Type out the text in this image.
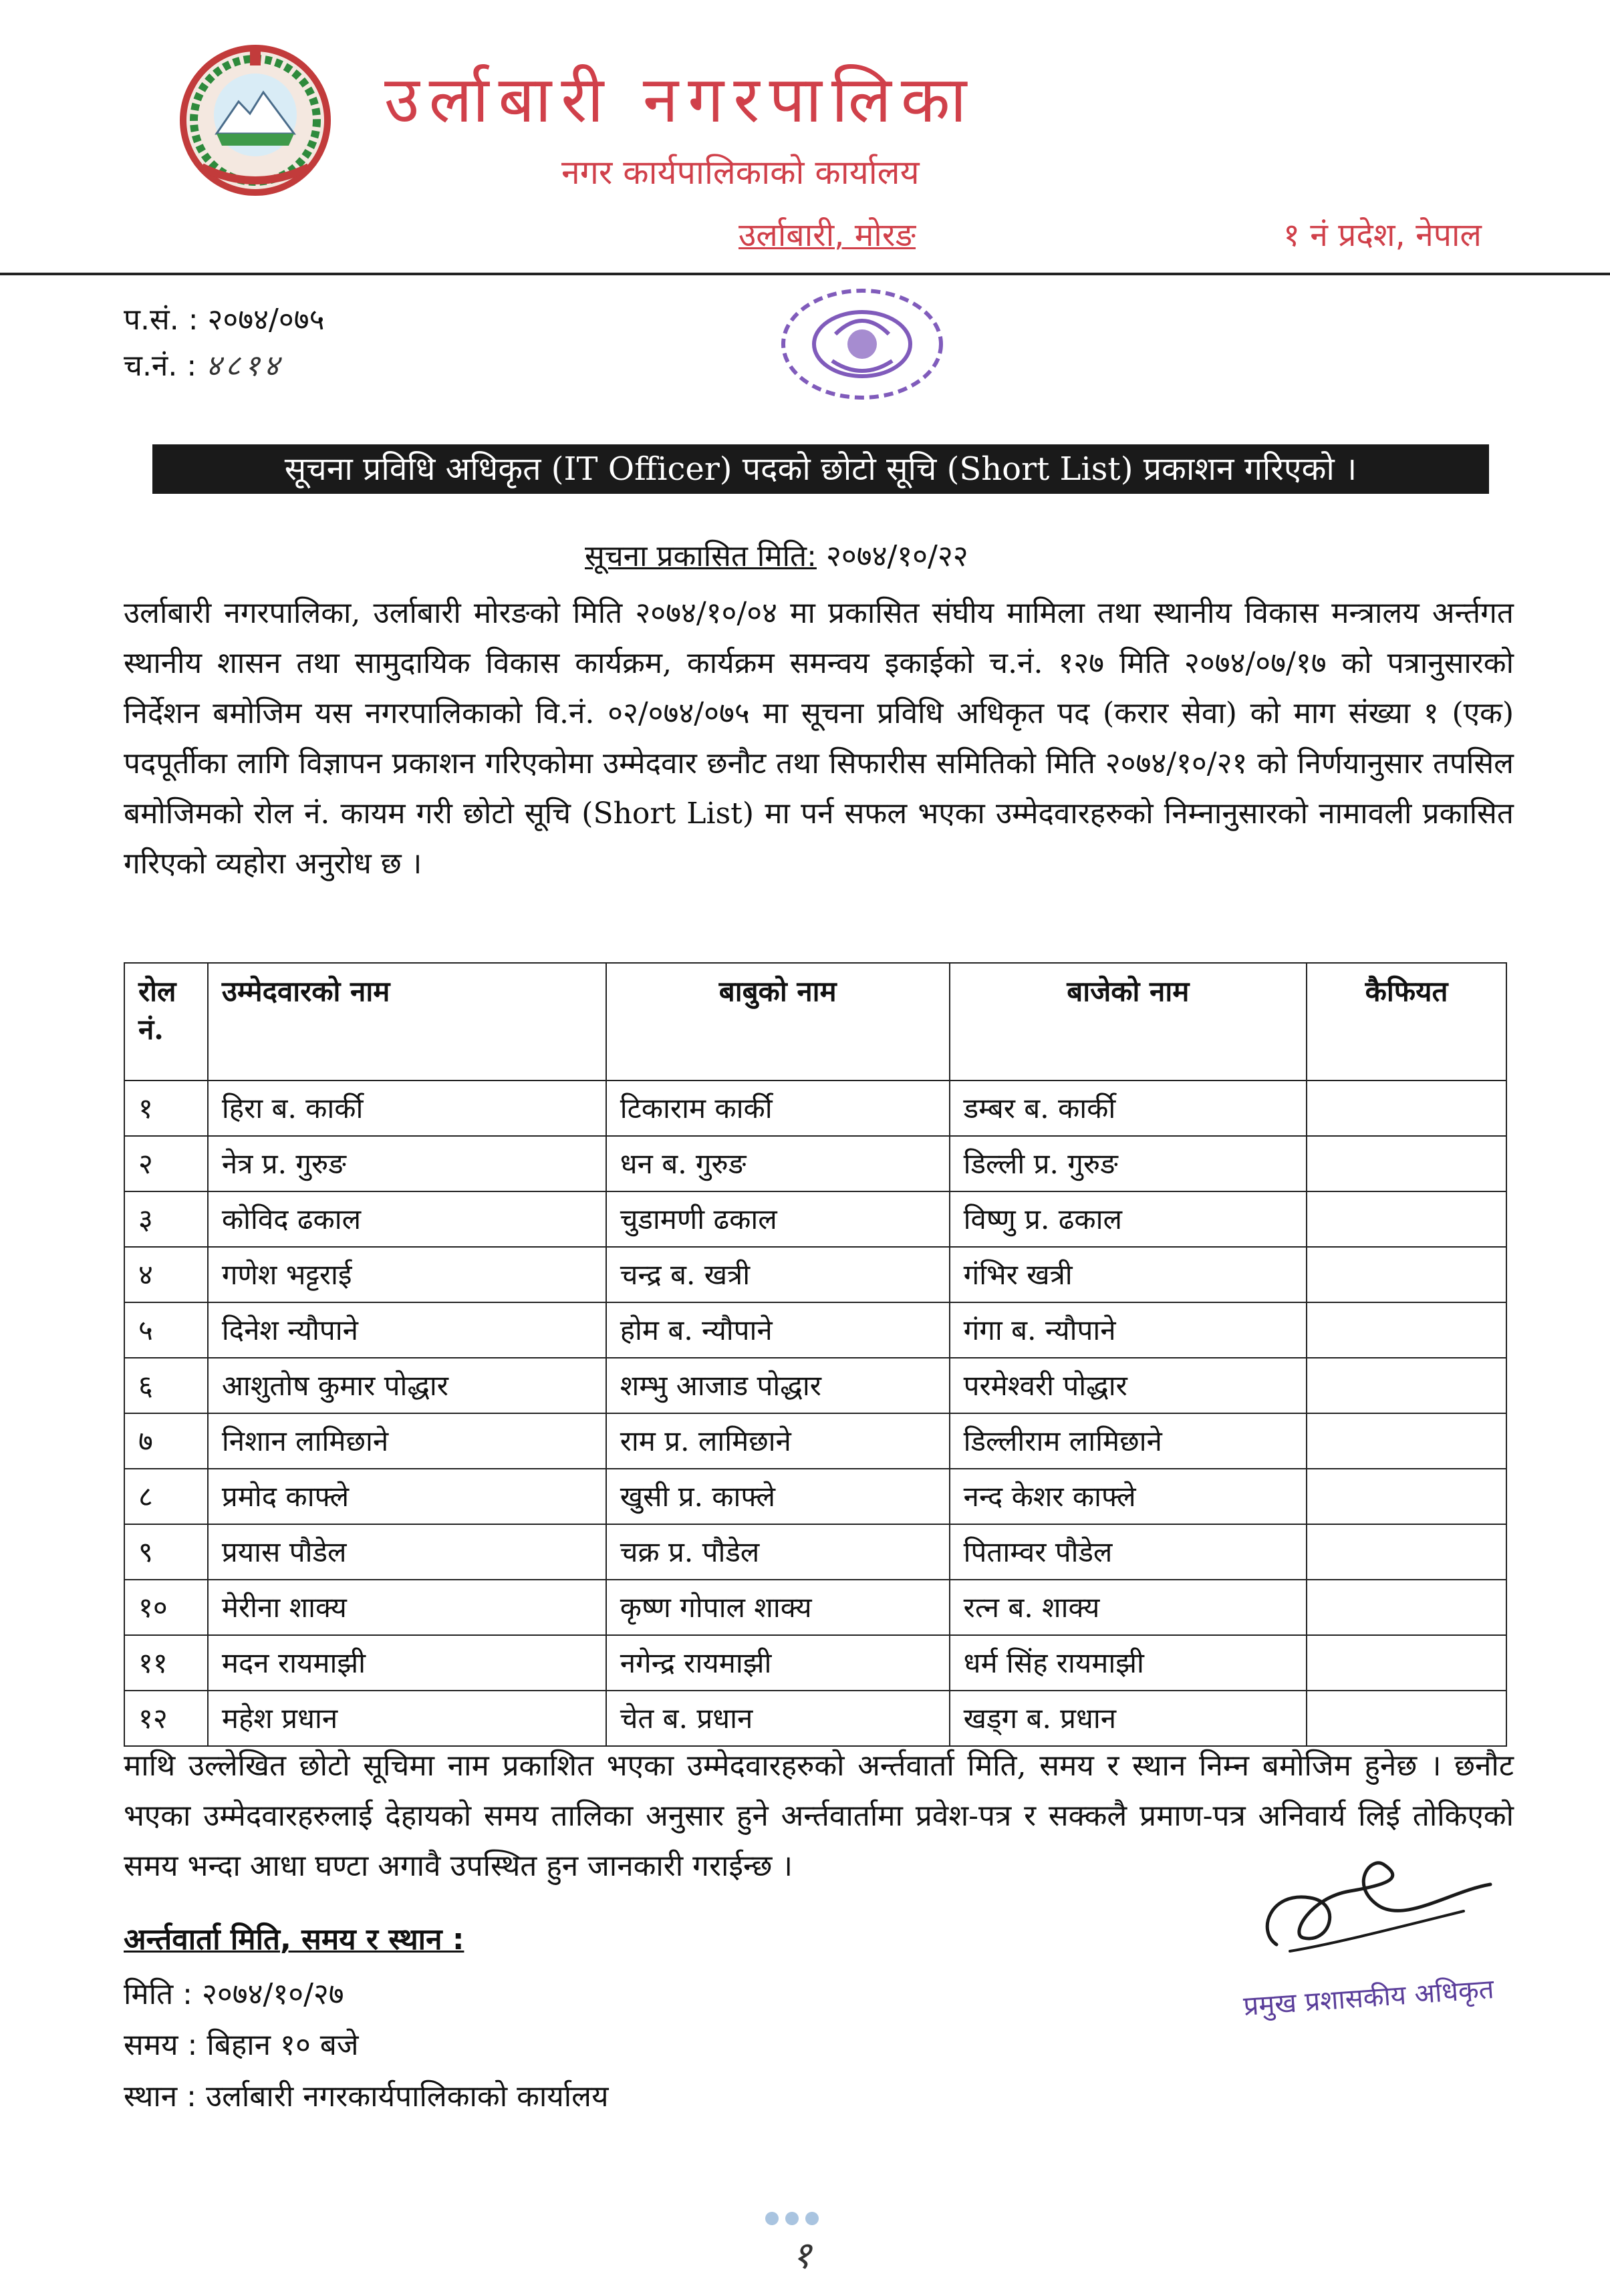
उर्लाबारी नगरपालिका
नगर कार्यपालिकाको कार्यालय
उर्लाबारी, मोरङ	१ नं प्रदेश, नेपाल
प.सं. : २०७४/०७५
च.नं. : ४८१४
सूचना प्रविधि अधिकृत (IT Officer) पदको छोटो सूचि (Short List) प्रकाशन गरिएको ।
सूचना प्रकासित मिति: २०७४/१०/२२
उर्लाबारी नगरपालिका, उर्लाबारी मोरङको मिति २०७४/१०/०४ मा प्रकासित संघीय मामिला तथा स्थानीय विकास मन्त्रालय अर्न्तगत स्थानीय शासन तथा सामुदायिक विकास कार्यक्रम, कार्यक्रम समन्वय इकाईको च.नं. १२७ मिति २०७४/०७/१७ को पत्रानुसारको निर्देशन बमोजिम यस नगरपालिकाको वि.नं. ०२/०७४/०७५ मा सूचना प्रविधि अधिकृत पद (करार सेवा) को माग संख्या १ (एक) पदपूर्तीका लागि विज्ञापन प्रकाशन गरिएकोमा उम्मेदवार छनौट तथा सिफारीस समितिको मिति २०७४/१०/२१ को निर्णयानुसार तपसिल बमोजिमको रोल नं. कायम गरी छोटो सूचि (Short List) मा पर्न सफल भएका उम्मेदवारहरुको निम्नानुसारको नामावली प्रकासित गरिएको व्यहोरा अनुरोध छ ।
रोल नं.	उम्मेदवारको नाम	बाबुको नाम	बाजेको नाम	कैफियत
१	हिरा ब. कार्की	टिकाराम कार्की	डम्बर ब. कार्की	
२	नेत्र प्र. गुरुङ	धन ब. गुरुङ	डिल्ली प्र. गुरुङ	
३	कोविद ढकाल	चुडामणी ढकाल	विष्णु प्र. ढकाल	
४	गणेश भट्टराई	चन्द्र ब. खत्री	गंभिर खत्री	
५	दिनेश न्यौपाने	होम ब. न्यौपाने	गंगा ब. न्यौपाने	
६	आशुतोष कुमार पोद्धार	शम्भु आजाड पोद्धार	परमेश्वरी पोद्धार	
७	निशान लामिछाने	राम प्र. लामिछाने	डिल्लीराम लामिछाने	
८	प्रमोद काफ्ले	खुसी प्र. काफ्ले	नन्द केशर काफ्ले	
९	प्रयास पौडेल	चक्र प्र. पौडेल	पिताम्वर पौडेल	
१०	मेरीना शाक्य	कृष्ण गोपाल शाक्य	रत्न ब. शाक्य	
११	मदन रायमाझी	नगेन्द्र रायमाझी	धर्म सिंह रायमाझी	
१२	महेश प्रधान	चेत ब. प्रधान	खड्ग ब. प्रधान	
माथि उल्लेखित छोटो सूचिमा नाम प्रकाशित भएका उम्मेदवारहरुको अर्न्तवार्ता मिति, समय र स्थान निम्न बमोजिम हुनेछ । छनौट भएका उम्मेदवारहरुलाई देहायको समय तालिका अनुसार हुने अर्न्तवार्तामा प्रवेश-पत्र र सक्कलै प्रमाण-पत्र अनिवार्य लिई तोकिएको समय भन्दा आधा घण्टा अगावै उपस्थित हुन जानकारी गराईन्छ ।
अर्न्तवार्ता मिति, समय र स्थान :
मिति : २०७४/१०/२७
समय : बिहान १० बजे
स्थान : उर्लाबारी नगरकार्यपालिकाको कार्यालय
प्रमुख प्रशासकीय अधिकृत
१
